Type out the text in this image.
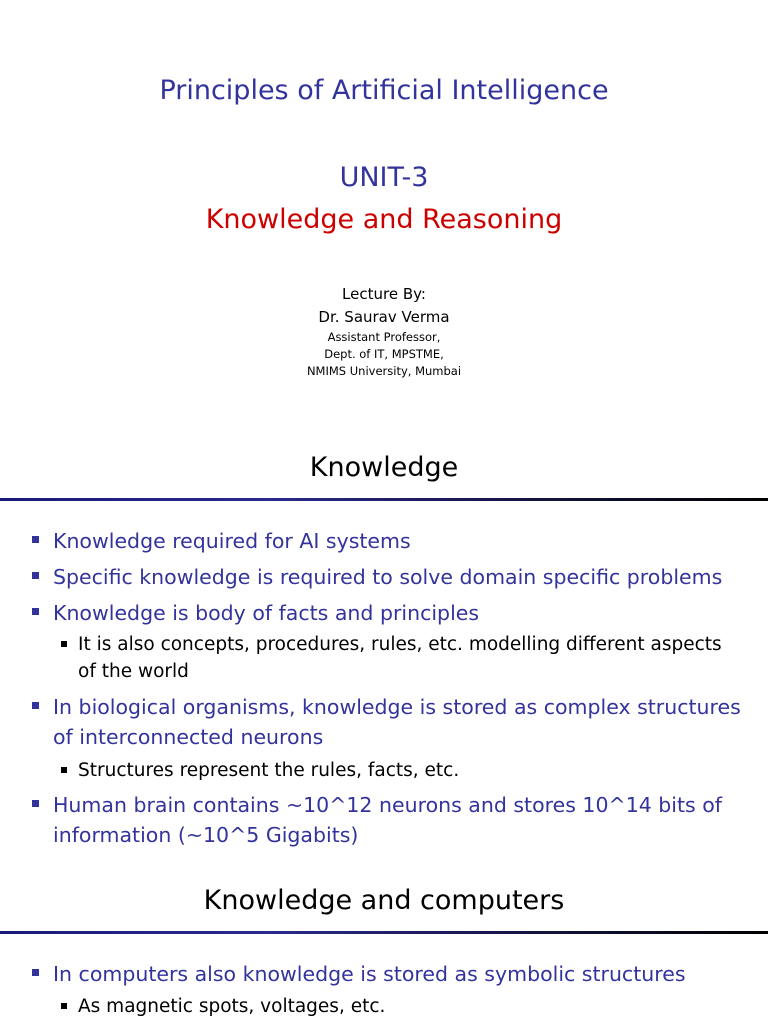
Principles of Artificial Intelligence
UNIT-3
Knowledge and Reasoning
Lecture By:
Dr. Saurav Verma
Assistant Professor,
Dept. of IT, MPSTME,
NMIMS University, Mumbai
Knowledge
Knowledge required for AI systems
Specific knowledge is required to solve domain specific problems
Knowledge is body of facts and principles
It is also concepts, procedures, rules, etc. modelling different aspects of the world
In biological organisms, knowledge is stored as complex structures of interconnected neurons
Structures represent the rules, facts, etc.
Human brain contains ~10^12 neurons and stores 10^14 bits of information (~10^5 Gigabits)
Knowledge and computers
In computers also knowledge is stored as symbolic structures
As magnetic spots, voltages, etc.
